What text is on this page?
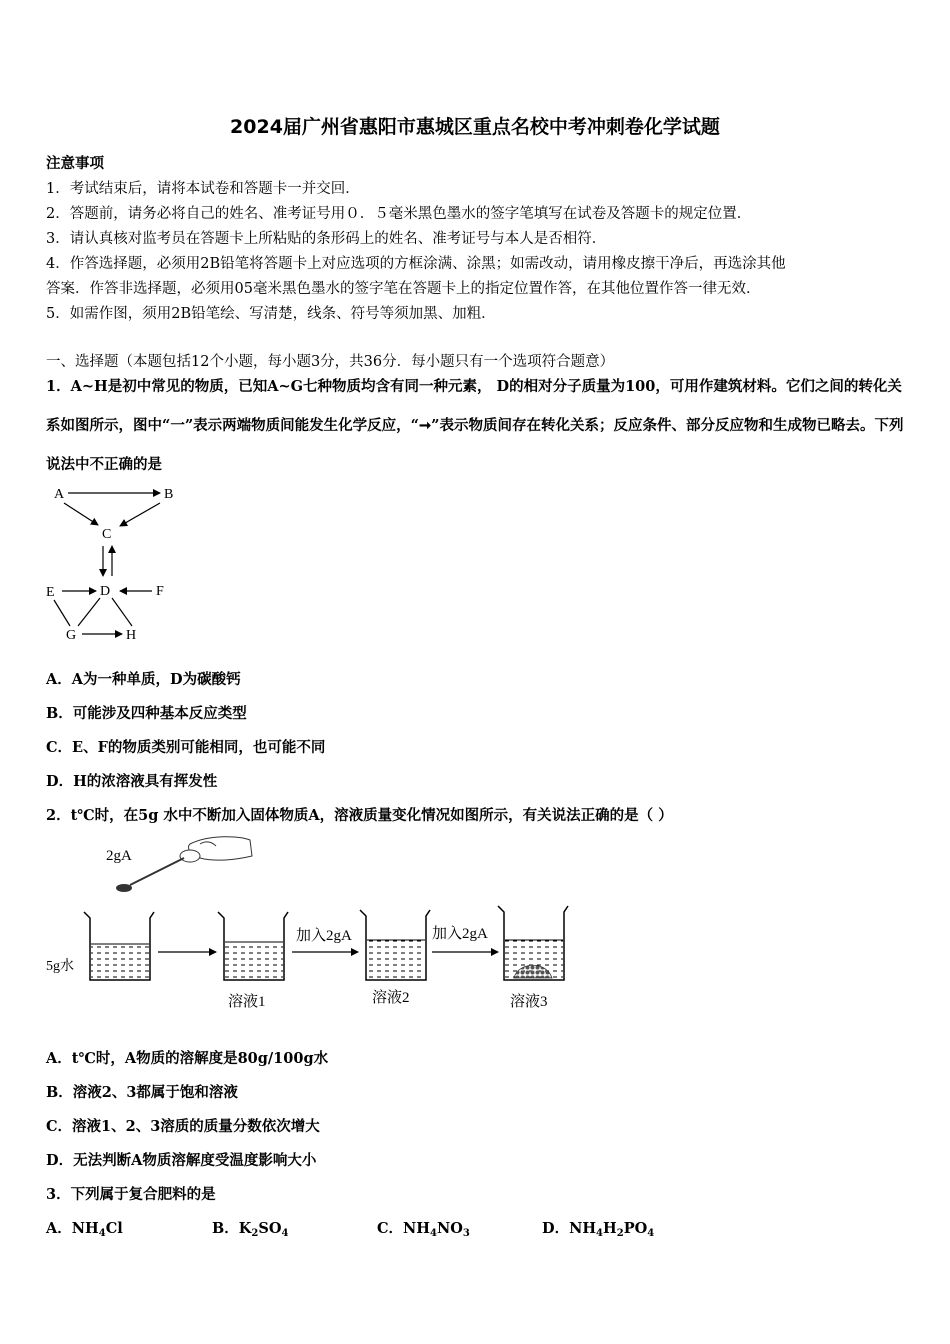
2024届广州省惠阳市惠城区重点名校中考冲刺卷化学试题
注意事项
1．考试结束后，请将本试卷和答题卡一并交回．
2．答题前，请务必将自己的姓名、准考证号用０．５毫米黑色墨水的签字笔填写在试卷及答题卡的规定位置．
3．请认真核对监考员在答题卡上所粘贴的条形码上的姓名、准考证号与本人是否相符．
4．作答选择题，必须用2B铅笔将答题卡上对应选项的方框涂满、涂黑；如需改动，请用橡皮擦干净后，再选涂其他
答案．作答非选择题，必须用05毫米黑色墨水的签字笔在答题卡上的指定位置作答，在其他位置作答一律无效．
5．如需作图，须用2B铅笔绘、写清楚，线条、符号等须加黑、加粗．
一、选择题（本题包括12个小题，每小题3分，共36分．每小题只有一个选项符合题意）
1．A~H是初中常见的物质，已知A~G七种物质均含有同一种元素， D的相对分子质量为100，可用作建筑材料。它们之间的转化关系如图所示，图中“一”表示两端物质间能发生化学反应，“➞”表示物质间存在转化关系；反应条件、部分反应物和生成物已略去。下列说法中不正确的是
A	B
C
D
E	F
G	H
A．A为一种单质，D为碳酸钙
B．可能涉及四种基本反应类型
C．E、F的物质类别可能相同，也可能不同
D．H的浓溶液具有挥发性
2．t℃时，在5g 水中不断加入固体物质A，溶液质量变化情况如图所示，有关说法正确的是（ ）
2gA
5g水
溶液1
加入2gA
溶液2
加入2gA
溶液3
A．t℃时，A物质的溶解度是80g/100g水
B．溶液2、3都属于饱和溶液
C．溶液1、2、3溶质的质量分数依次增大
D．无法判断A物质溶解度受温度影响大小
3．下列属于复合肥料的是
A．$NH_4Cl$	B．$K_2SO_4$	C．$NH_4NO_3$	D．$NH_4H_2PO_4$
